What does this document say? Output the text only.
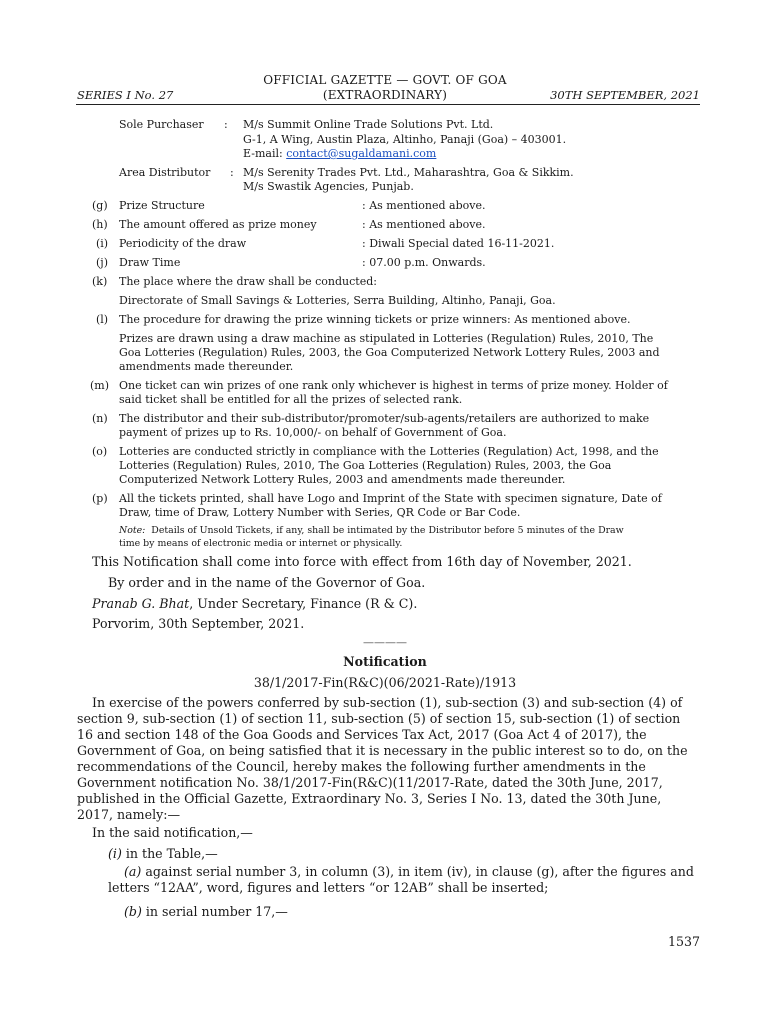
OFFICIAL GAZETTE — GOVT. OF GOA
(EXTRAORDINARY)
SERIES I No. 27	30TH SEPTEMBER, 2021
Sole Purchaser : M/s Summit Online Trade Solutions Pvt. Ltd.
G-1, A Wing, Austin Plaza, Altinho, Panaji (Goa) – 403001.
E-mail: contact@sugaldamani.com
Area Distributor : M/s Serenity Trades Pvt. Ltd., Maharashtra, Goa & Sikkim.
M/s Swastik Agencies, Punjab.
(g) Prize Structure	: As mentioned above.
(h) The amount offered as prize money	: As mentioned above.
(i) Periodicity of the draw	: Diwali Special dated 16-11-2021.
(j) Draw Time	: 07.00 p.m. Onwards.
(k) The place where the draw shall be conducted:
Directorate of Small Savings & Lotteries, Serra Building, Altinho, Panaji, Goa.
(l) The procedure for drawing the prize winning tickets or prize winners: As mentioned above.
Prizes are drawn using a draw machine as stipulated in Lotteries (Regulation) Rules, 2010, The
Goa Lotteries (Regulation) Rules, 2003, the Goa Computerized Network Lottery Rules, 2003 and
amendments made thereunder.
(m) One ticket can win prizes of one rank only whichever is highest in terms of prize money. Holder of
said ticket shall be entitled for all the prizes of selected rank.
(n) The distributor and their sub-distributor/promoter/sub-agents/retailers are authorized to make
payment of prizes up to Rs. 10,000/- on behalf of Government of Goa.
(o) Lotteries are conducted strictly in compliance with the Lotteries (Regulation) Act, 1998, and the
Lotteries (Regulation) Rules, 2010, The Goa Lotteries (Regulation) Rules, 2003, the Goa
Computerized Network Lottery Rules, 2003 and amendments made thereunder.
(p) All the tickets printed, shall have Logo and Imprint of the State with specimen signature, Date of
Draw, time of Draw, Lottery Number with Series, QR Code or Bar Code.
Note: Details of Unsold Tickets, if any, shall be intimated by the Distributor before 5 minutes of the Draw
time by means of electronic media or internet or physically.
This Notification shall come into force with effect from 16th day of November, 2021.
By order and in the name of the Governor of Goa.
Pranab G. Bhat, Under Secretary, Finance (R & C).
Porvorim, 30th September, 2021.
————
Notification
38/1/2017-Fin(R&C)(06/2021-Rate)/1913
In exercise of the powers conferred by sub-section (1), sub-section (3) and sub-section (4) of
section 9, sub-section (1) of section 11, sub-section (5) of section 15, sub-section (1) of section
16 and section 148 of the Goa Goods and Services Tax Act, 2017 (Goa Act 4 of 2017), the
Government of Goa, on being satisfied that it is necessary in the public interest so to do, on the
recommendations of the Council, hereby makes the following further amendments in the
Government notification No. 38/1/2017-Fin(R&C)(11/2017-Rate, dated the 30th June, 2017,
published in the Official Gazette, Extraordinary No. 3, Series I No. 13, dated the 30th June,
2017, namely:—
In the said notification,—
(i) in the Table,—
(a) against serial number 3, in column (3), in item (iv), in clause (g), after the figures and
letters “12AA”, word, figures and letters “or 12AB” shall be inserted;
(b) in serial number 17,—
1537
